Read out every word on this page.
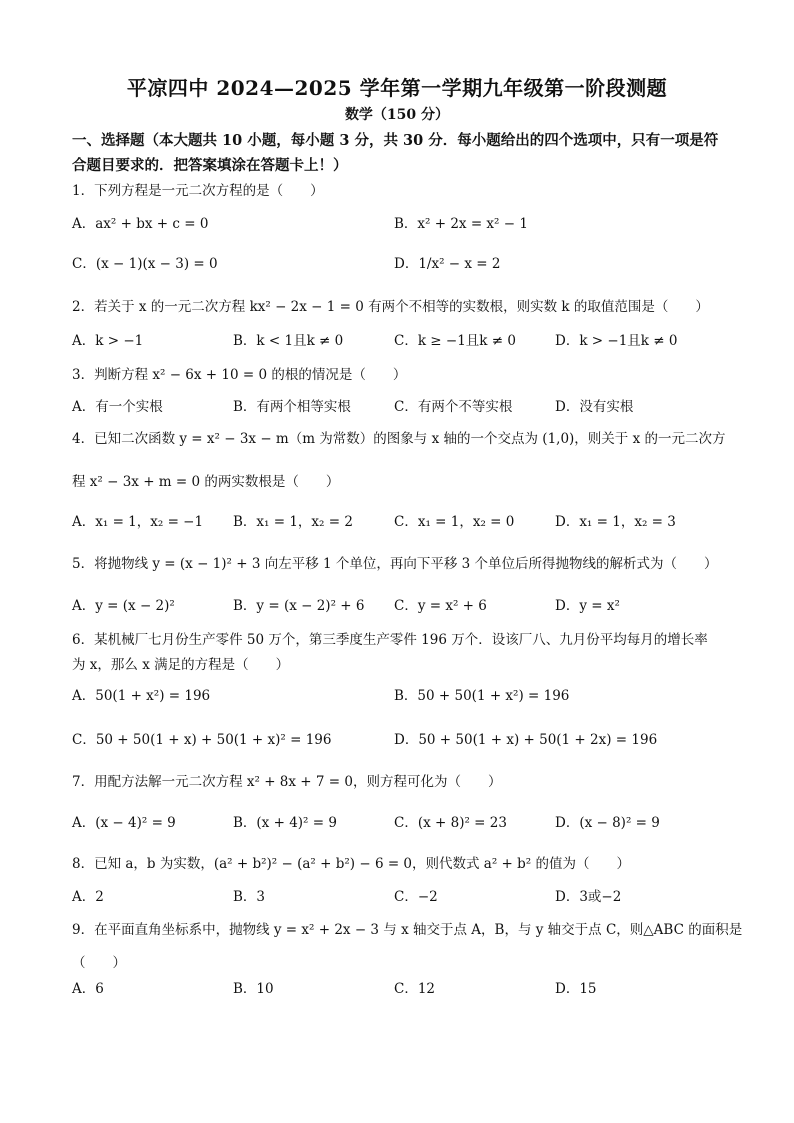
平凉四中 2024—2025 学年第一学期九年级第一阶段测题
数学（150 分）
一、选择题（本大题共 10 小题，每小题 3 分，共 30 分．每小题给出的四个选项中，只有一项是符合题目要求的．把答案填涂在答题卡上！）
1．下列方程是一元二次方程的是（　　）
A．ax² + bx + c = 0	B．x² + 2x = x² − 1
C．(x − 1)(x − 3) = 0	D．1/x² − x = 2
2．若关于 x 的一元二次方程 kx² − 2x − 1 = 0 有两个不相等的实数根，则实数 k 的取值范围是（　　）
A．k > −1	B．k < 1且k ≠ 0	C．k ≥ −1且k ≠ 0	D．k > −1且k ≠ 0
3．判断方程 x² − 6x + 10 = 0 的根的情况是（　　）
A．有一个实根	B．有两个相等实根	C．有两个不等实根	D．没有实根
4．已知二次函数 y = x² − 3x − m（m 为常数）的图象与 x 轴的一个交点为 (1,0)，则关于 x 的一元二次方
程 x² − 3x + m = 0 的两实数根是（　　）
A．x₁ = 1，x₂ = −1 B．x₁ = 1，x₂ = 2	C．x₁ = 1，x₂ = 0	D．x₁ = 1，x₂ = 3
5．将抛物线 y = (x − 1)² + 3 向左平移 1 个单位，再向下平移 3 个单位后所得抛物线的解析式为（　　）
A．y = (x − 2)²	B．y = (x − 2)² + 6 C．y = x² + 6	D．y = x²
6．某机械厂七月份生产零件 50 万个，第三季度生产零件 196 万个．设该厂八、九月份平均每月的增长率
为 x，那么 x 满足的方程是（　　）
A．50(1 + x²) = 196	B．50 + 50(1 + x²) = 196
C．50 + 50(1 + x) + 50(1 + x)² = 196	D．50 + 50(1 + x) + 50(1 + 2x) = 196
7．用配方法解一元二次方程 x² + 8x + 7 = 0，则方程可化为（　　）
A．(x − 4)² = 9	B．(x + 4)² = 9	C．(x + 8)² = 23	D．(x − 8)² = 9
8．已知 a，b 为实数，(a² + b²)² − (a² + b²) − 6 = 0，则代数式 a² + b² 的值为（　　）
A．2	B．3	C．−2	D．3或−2
9．在平面直角坐标系中，抛物线 y = x² + 2x − 3 与 x 轴交于点 A，B，与 y 轴交于点 C，则△ABC 的面积是
（　　）
A．6	B．10	C．12	D．15
